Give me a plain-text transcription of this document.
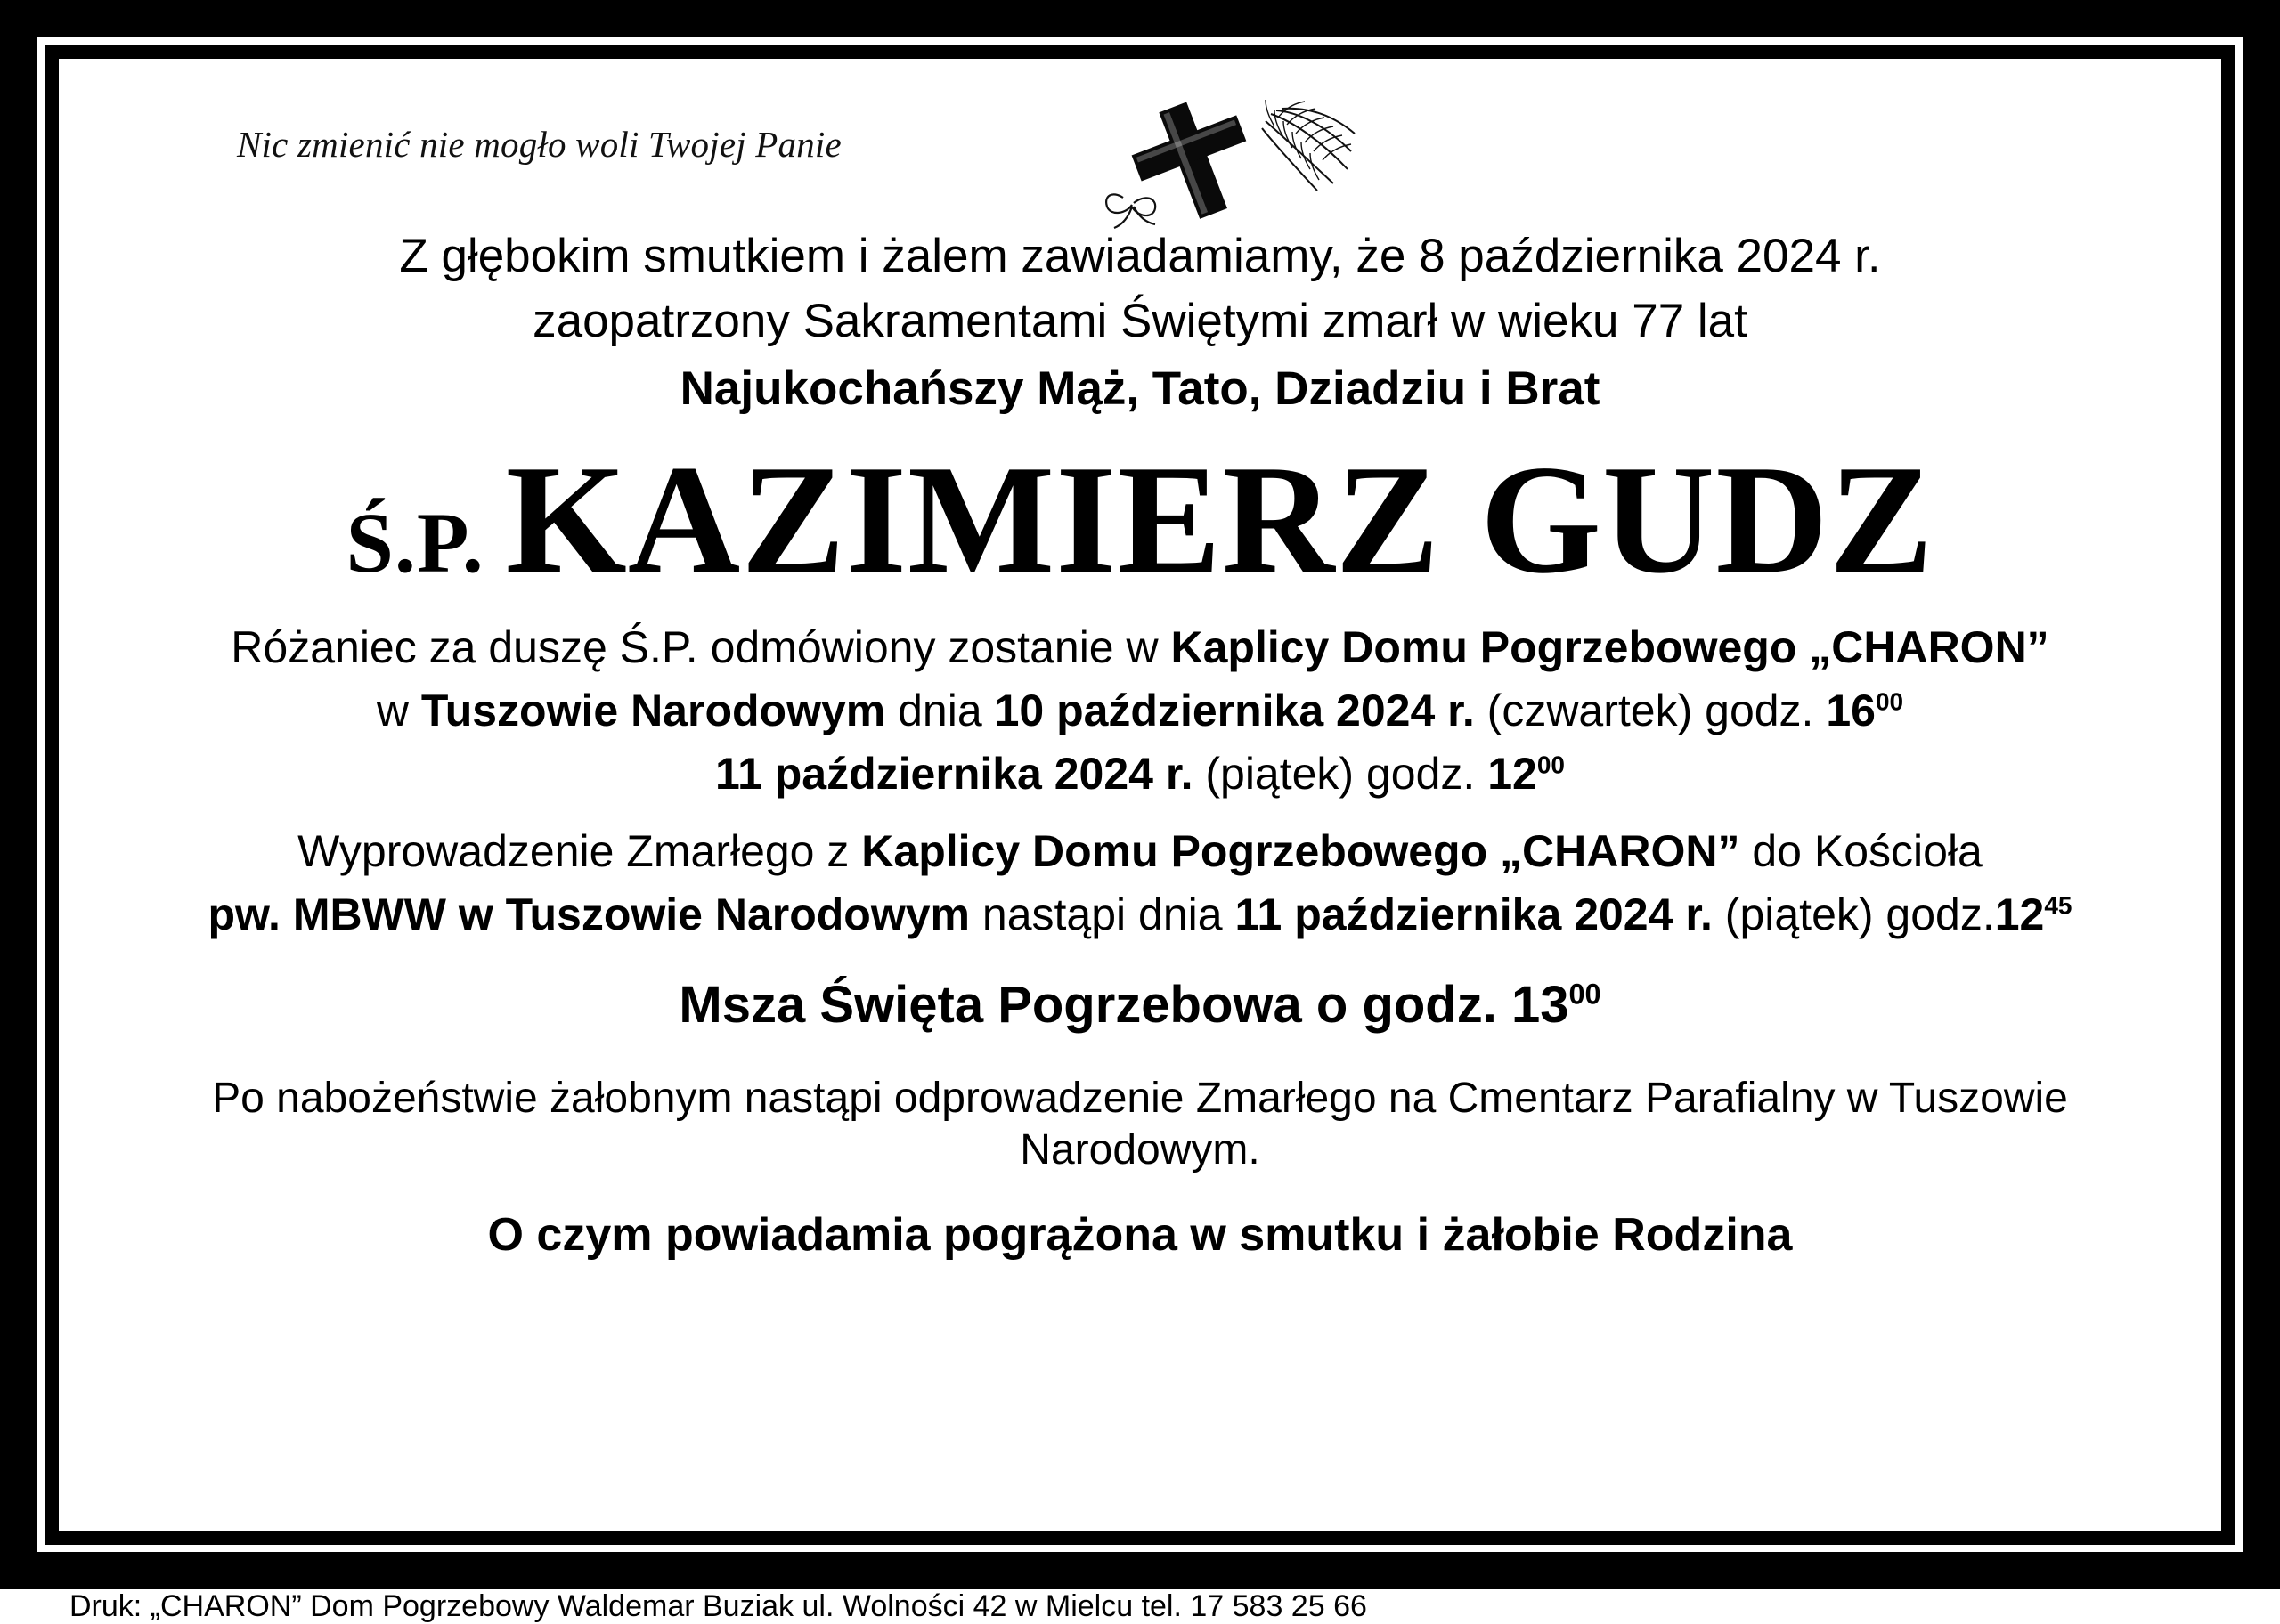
Nic zmienić nie mogło woli Twojej Panie
Z głębokim smutkiem i żalem zawiadamiamy, że 8 października 2024 r.
zaopatrzony Sakramentami Świętymi zmarł w wieku 77 lat
Najukochańszy Mąż, Tato, Dziadziu i Brat
Ś.P. KAZIMIERZ GUDZ
Różaniec za duszę Ś.P. odmówiony zostanie w Kaplicy Domu Pogrzebowego „CHARON”
w Tuszowie Narodowym dnia 10 października 2024 r. (czwartek) godz. $16^{00}$
11 października 2024 r. (piątek) godz. $12^{00}$
Wyprowadzenie Zmarłego z Kaplicy Domu Pogrzebowego „CHARON” do Kościoła
pw. MBWW w Tuszowie Narodowym nastąpi dnia 11 października 2024 r. (piątek) $godz.12^{45}$
Msza Święta Pogrzebowa o godz. $13^{00}$
Po nabożeństwie żałobnym nastąpi odprowadzenie Zmarłego na Cmentarz Parafialny w Tuszowie Narodowym.
O czym powiadamia pogrążona w smutku i żałobie Rodzina
Druk: „CHARON” Dom Pogrzebowy Waldemar Buziak ul. Wolności 42 w Mielcu tel. 17 583 25 66
